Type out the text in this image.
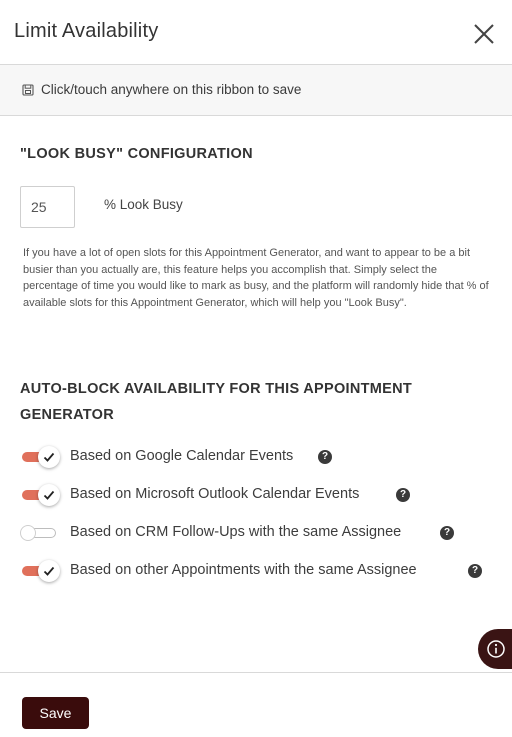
Limit Availability
Click/touch anywhere on this ribbon to save
"LOOK BUSY" CONFIGURATION
25
% Look Busy

If you have a lot of open slots for this Appointment Generator, and want to appear to be a bit busier than you actually are, this feature helps you accomplish that. Simply select the percentage of time you would like to mark as busy, and the platform will randomly hide that % of available slots for this Appointment Generator, which will help you "Look Busy".

AUTO-BLOCK AVAILABILITY FOR THIS APPOINTMENT GENERATOR
Based on Google Calendar Events	?
Based on Microsoft Outlook Calendar Events	?
Based on CRM Follow-Ups with the same Assignee	?
Based on other Appointments with the same Assignee	?
Save
